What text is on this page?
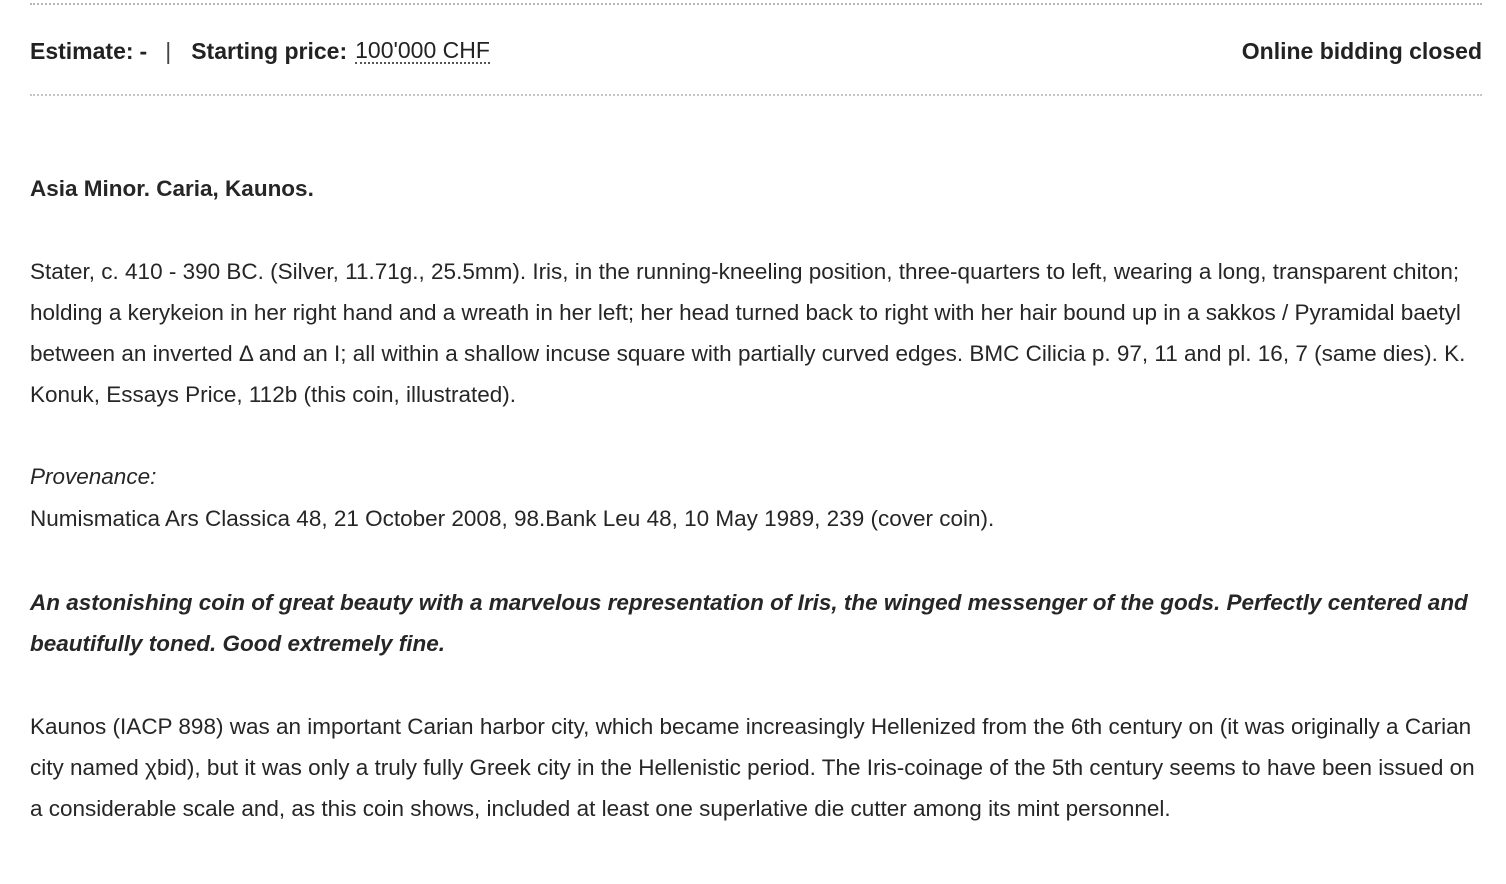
Estimate: - | Starting price: 100'000 CHF	Online bidding closed
Asia Minor. Caria, Kaunos.

Stater, c. 410 - 390 BC. (Silver, 11.71g., 25.5mm). Iris, in the running-kneeling position, three-quarters to left, wearing a long, transparent chiton; holding a kerykeion in her right hand and a wreath in her left; her head turned back to right with her hair bound up in a sakkos / Pyramidal baetyl between an inverted Δ and an I; all within a shallow incuse square with partially curved edges. BMC Cilicia p. 97, 11 and pl. 16, 7 (same dies). K. Konuk, Essays Price, 112b (this coin, illustrated).

Provenance:
Numismatica Ars Classica 48, 21 October 2008, 98.Bank Leu 48, 10 May 1989, 239 (cover coin).

An astonishing coin of great beauty with a marvelous representation of Iris, the winged messenger of the gods. Perfectly centered and beautifully toned. Good extremely fine.

Kaunos (IACP 898) was an important Carian harbor city, which became increasingly Hellenized from the 6th century on (it was originally a Carian city named χbid), but it was only a truly fully Greek city in the Hellenistic period. The Iris-coinage of the 5th century seems to have been issued on a considerable scale and, as this coin shows, included at least one superlative die cutter among its mint personnel.
